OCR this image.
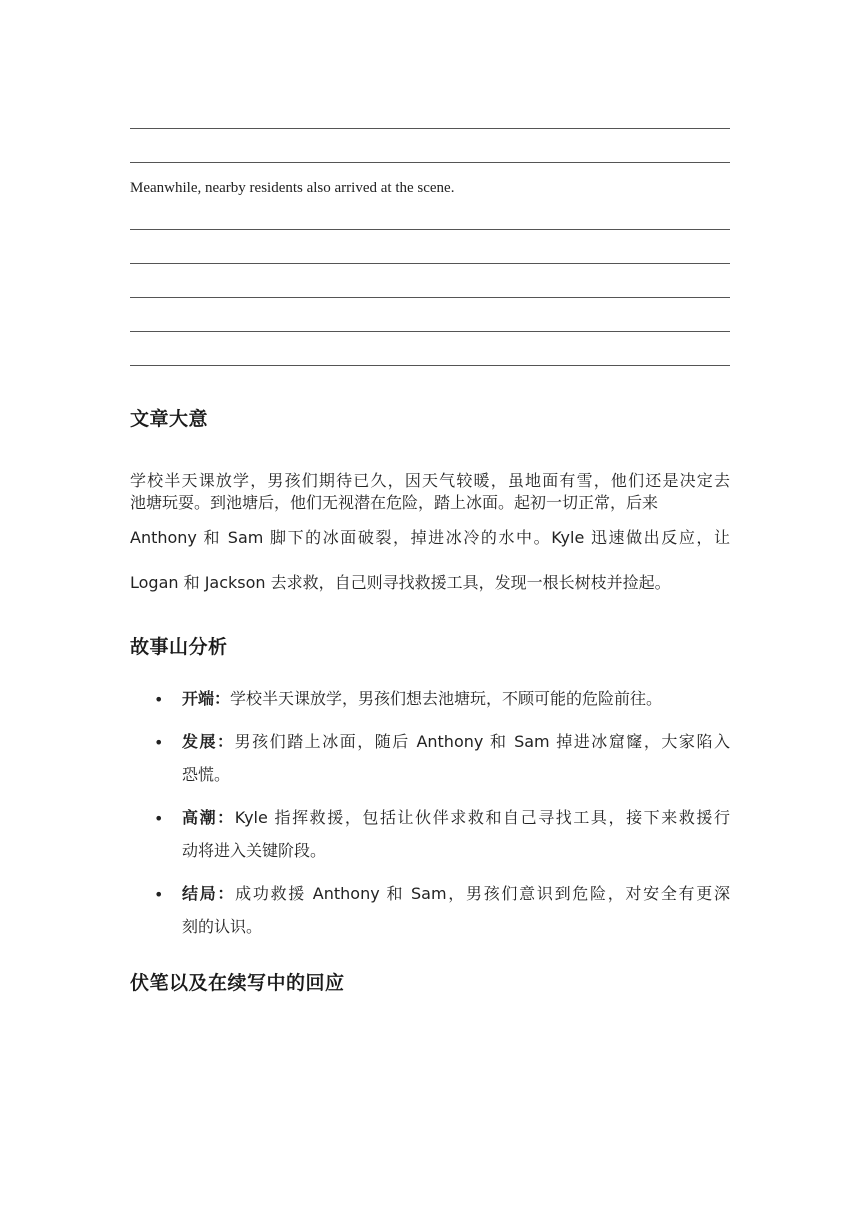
Meanwhile, nearby residents also arrived at the scene.
文章大意
学校半天课放学，男孩们期待已久，因天气较暖，虽地面有雪，他们还是决定去
池塘玩耍。到池塘后，他们无视潜在危险，踏上冰面。起初一切正常，后来
Anthony 和 Sam 脚下的冰面破裂，掉进冰冷的水中。Kyle 迅速做出反应，让
Logan 和 Jackson 去求救，自己则寻找救援工具，发现一根长树枝并捡起。
故事山分析
• 开端：学校半天课放学，男孩们想去池塘玩，不顾可能的危险前往。
• 发展：男孩们踏上冰面，随后 Anthony 和 Sam 掉进冰窟窿，大家陷入
恐慌。
• 高潮：Kyle 指挥救援，包括让伙伴求救和自己寻找工具，接下来救援行
动将进入关键阶段。
• 结局：成功救援 Anthony 和 Sam，男孩们意识到危险，对安全有更深
刻的认识。
伏笔以及在续写中的回应
